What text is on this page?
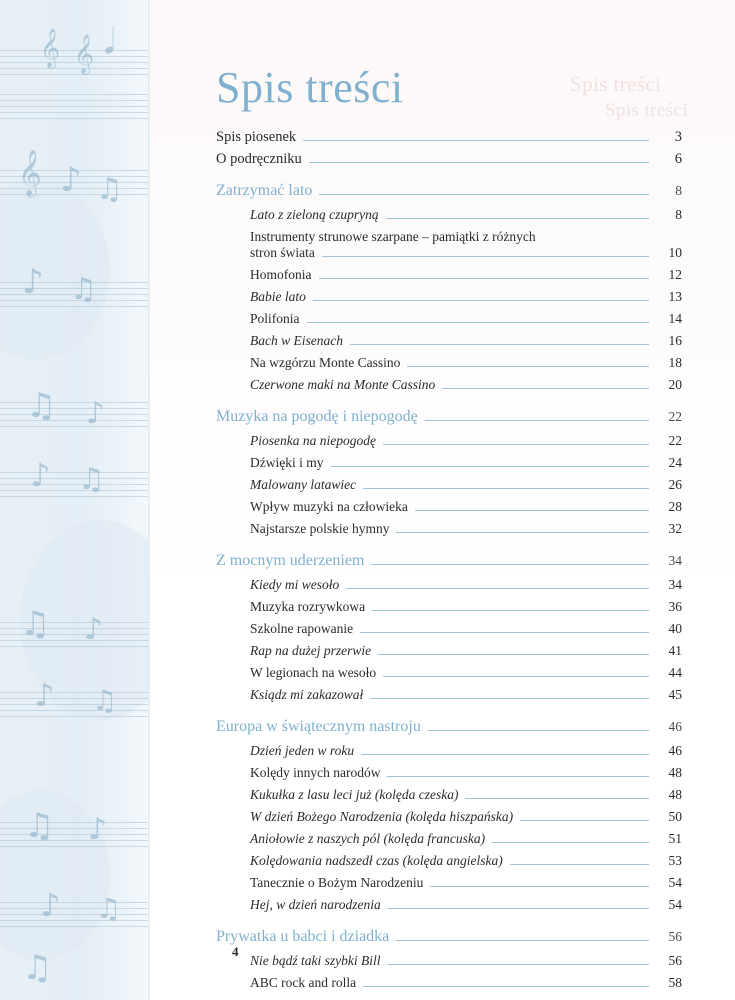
𝄞 𝄞 𝅘𝅥
𝄞 ♪ ♫
♪ ♫
♫ ♪
♪ ♫
♫ ♪
♪ ♫
♫ ♪
♪ ♫
♫
Spis treści
Spis treści
Spis treści
Spis piosenek	3
O podręczniku	6
Zatrzymać lato	8
Lato z zieloną czupryną	8
Instrumenty strunowe szarpane – pamiątki z różnych
stron świata	10
Homofonia	12
Babie lato	13
Polifonia	14
Bach w Eisenach	16
Na wzgórzu Monte Cassino	18
Czerwone maki na Monte Cassino	20
Muzyka na pogodę i niepogodę	22
Piosenka na niepogodę	22
Dźwięki i my	24
Malowany latawiec	26
Wpływ muzyki na człowieka	28
Najstarsze polskie hymny	32
Z mocnym uderzeniem	34
Kiedy mi wesoło	34
Muzyka rozrywkowa	36
Szkolne rapowanie	40
Rap na dużej przerwie	41
W legionach na wesoło	44
Ksiądz mi zakazował	45
Europa w świątecznym nastroju	46
Dzień jeden w roku	46
Kolędy innych narodów	48
Kukułka z lasu leci już (kolęda czeska)	48
W dzień Bożego Narodzenia (kolęda hiszpańska)	50
Aniołowie z naszych pól (kolęda francuska)	51
Kolędowania nadszedł czas (kolęda angielska)	53
Tanecznie o Bożym Narodzeniu	54
Hej, w dzień narodzenia	54
Prywatka u babci i dziadka	56
Nie bądź taki szybki Bill	56
ABC rock and rolla	58
4
